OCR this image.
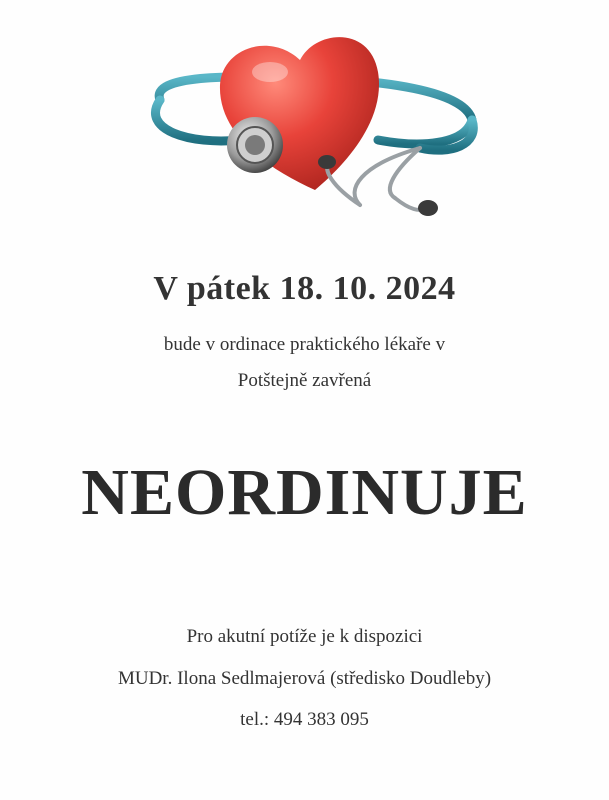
V pátek 18. 10. 2024
bude v ordinace praktického lékaře v
Potštejně zavřená
NEORDINUJE
Pro akutní potíže je k dispozici
MUDr. Ilona Sedlmajerová (středisko Doudleby)
tel.: 494 383 095
